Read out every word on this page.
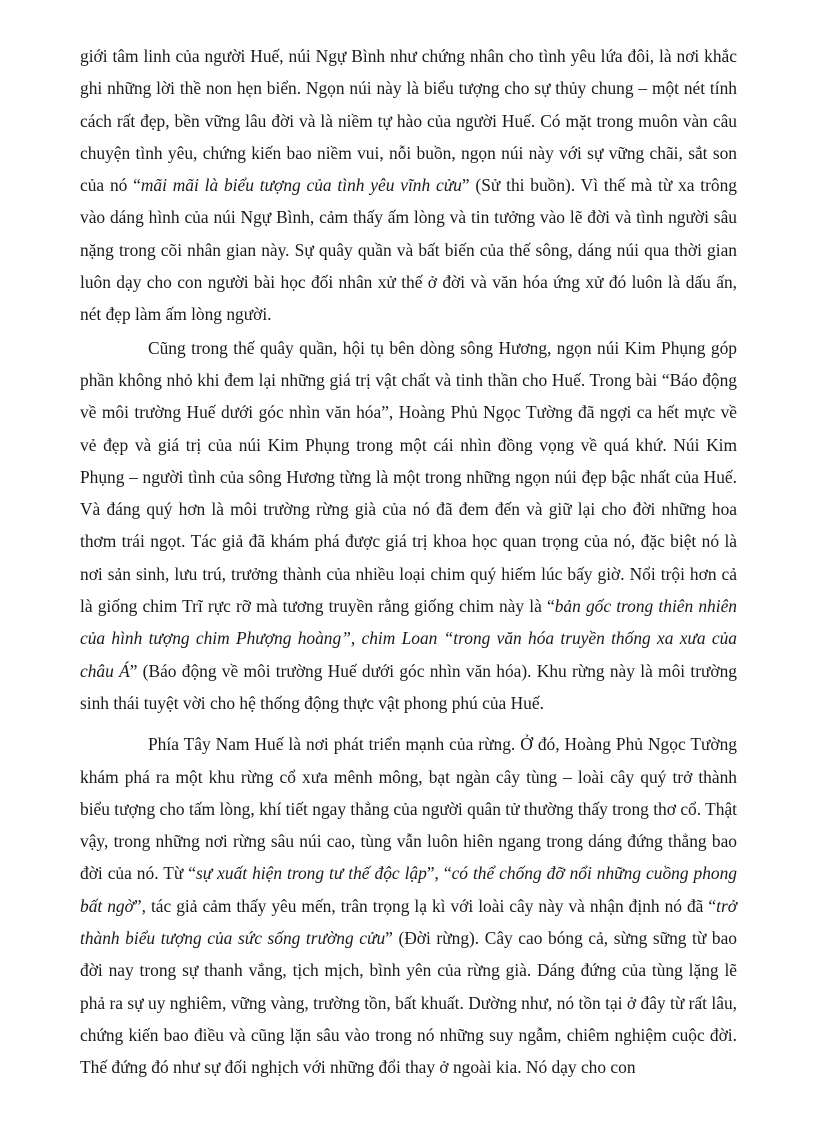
giới tâm linh của người Huế, núi Ngự Bình như chứng nhân cho tình yêu lứa đôi, là nơi khắc ghi những lời thề non hẹn biển. Ngọn núi này là biểu tượng cho sự thủy chung – một nét tính cách rất đẹp, bền vững lâu đời và là niềm tự hào của người Huế. Có mặt trong muôn vàn câu chuyện tình yêu, chứng kiến bao niềm vui, nỗi buồn, ngọn núi này với sự vững chãi, sắt son của nó “mãi mãi là biểu tượng của tình yêu vĩnh cửu” (Sử thi buồn). Vì thế mà từ xa trông vào dáng hình của núi Ngự Bình, cảm thấy ấm lòng và tin tưởng vào lẽ đời và tình người sâu nặng trong cõi nhân gian này. Sự quây quần và bất biến của thế sông, dáng núi qua thời gian luôn dạy cho con người bài học đối nhân xử thế ở đời và văn hóa ứng xử đó luôn là dấu ấn, nét đẹp làm ấm lòng người.

Cũng trong thế quây quần, hội tụ bên dòng sông Hương, ngọn núi Kim Phụng góp phần không nhỏ khi đem lại những giá trị vật chất và tinh thần cho Huế. Trong bài “Báo động về môi trường Huế dưới góc nhìn văn hóa”, Hoàng Phủ Ngọc Tường đã ngợi ca hết mực về vẻ đẹp và giá trị của núi Kim Phụng trong một cái nhìn đồng vọng về quá khứ. Núi Kim Phụng – người tình của sông Hương từng là một trong những ngọn núi đẹp bậc nhất của Huế. Và đáng quý hơn là môi trường rừng già của nó đã đem đến và giữ lại cho đời những hoa thơm trái ngọt. Tác giả đã khám phá được giá trị khoa học quan trọng của nó, đặc biệt nó là nơi sản sinh, lưu trú, trưởng thành của nhiều loại chim quý hiếm lúc bấy giờ. Nổi trội hơn cả là giống chim Trĩ rực rỡ mà tương truyền rằng giống chim này là “bản gốc trong thiên nhiên của hình tượng chim Phượng hoàng”, chim Loan “trong văn hóa truyền thống xa xưa của châu Á” (Báo động về môi trường Huế dưới góc nhìn văn hóa). Khu rừng này là môi trường sinh thái tuyệt vời cho hệ thống động thực vật phong phú của Huế.

Phía Tây Nam Huế là nơi phát triển mạnh của rừng. Ở đó, Hoàng Phủ Ngọc Tường khám phá ra một khu rừng cổ xưa mênh mông, bạt ngàn cây tùng – loài cây quý trở thành biểu tượng cho tấm lòng, khí tiết ngay thẳng của người quân tử thường thấy trong thơ cổ. Thật vậy, trong những nơi rừng sâu núi cao, tùng vẫn luôn hiên ngang trong dáng đứng thẳng bao đời của nó. Từ “sự xuất hiện trong tư thế độc lập”, “có thể chống đỡ nổi những cuồng phong bất ngờ”, tác giả cảm thấy yêu mến, trân trọng lạ kì với loài cây này và nhận định nó đã “trở thành biểu tượng của sức sống trường cửu” (Đời rừng). Cây cao bóng cả, sừng sững từ bao đời nay trong sự thanh vắng, tịch mịch, bình yên của rừng già. Dáng đứng của tùng lặng lẽ phả ra sự uy nghiêm, vững vàng, trường tồn, bất khuất. Dường như, nó tồn tại ở đây từ rất lâu, chứng kiến bao điều và cũng lặn sâu vào trong nó những suy ngẫm, chiêm nghiệm cuộc đời. Thế đứng đó như sự đối nghịch với những đổi thay ở ngoài kia. Nó dạy cho con
